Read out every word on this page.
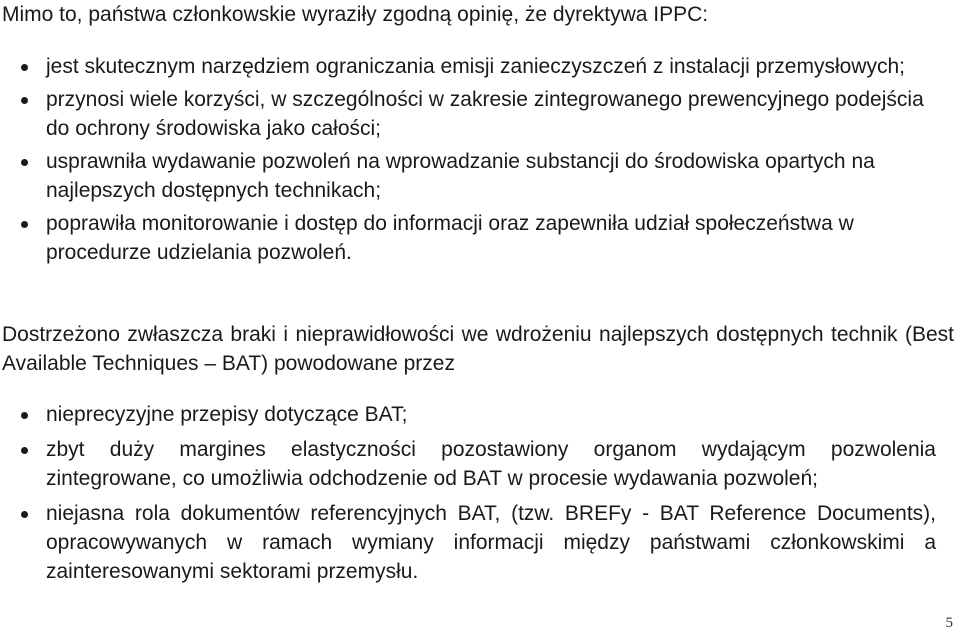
Mimo to, państwa członkowskie wyraziły zgodną opinię, że dyrektywa IPPC:

jest skutecznym narzędziem ograniczania emisji zanieczyszczeń z instalacji przemysłowych;
przynosi wiele korzyści, w szczególności w zakresie zintegrowanego prewencyjnego podejścia do ochrony środowiska jako całości;
usprawniła wydawanie pozwoleń na wprowadzanie substancji do środowiska opartych na najlepszych dostępnych technikach;
poprawiła monitorowanie i dostęp do informacji oraz zapewniła udział społeczeństwa w procedurze udzielania pozwoleń.

Dostrzeżono zwłaszcza braki i nieprawidłowości we wdrożeniu najlepszych dostępnych technik (Best Available Techniques – BAT) powodowane przez

nieprecyzyjne przepisy dotyczące BAT;
zbyt duży margines elastyczności pozostawiony organom wydającym pozwolenia zintegrowane, co umożliwia odchodzenie od BAT w procesie wydawania pozwoleń;
niejasna rola dokumentów referencyjnych BAT, (tzw. BREFy - BAT Reference Documents), opracowywanych w ramach wymiany informacji między państwami członkowskimi a zainteresowanymi sektorami przemysłu.
5
